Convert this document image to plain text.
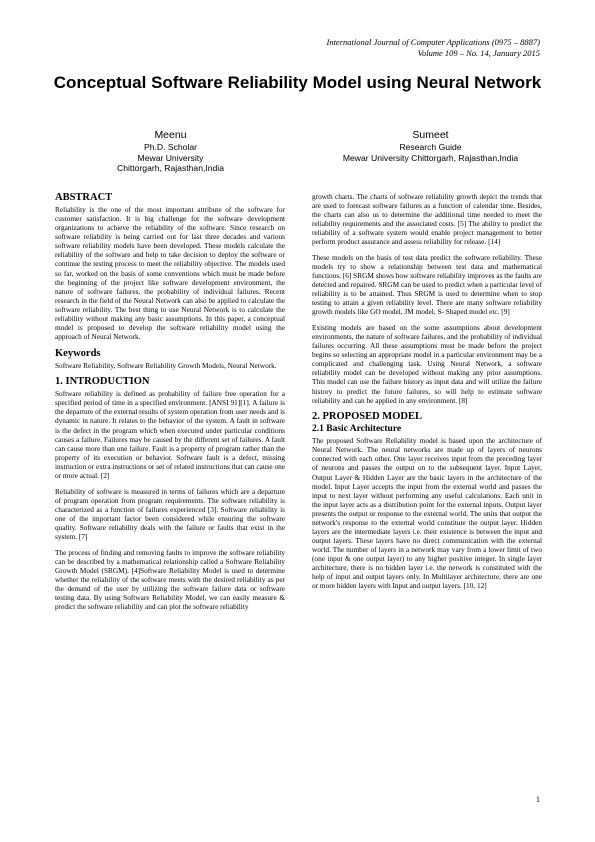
International Journal of Computer Applications (0975 – 8887)
Volume 109 – No. 14, January 2015
Conceptual Software Reliability Model using Neural Network
Meenu
Ph.D. Scholar
Mewar University
Chittorgarh, Rajasthan,India
Sumeet
Research Guide
Mewar University Chittorgarh, Rajasthan,India
ABSTRACT

Reliability is the one of the most important attribute of the software for customer satisfaction. It is big challenge for the software development organizations to achieve the reliability of the software. Since research on software reliability is being carried out for last three decades and various software reliability models have been developed. These models calculate the reliability of the software and help to take decision to deploy the software or continue the testing process to meet the reliability objective. The models used so far, worked on the basis of some conventions which must be made before the beginning of the project like software development environment, the nature of software failures, the probability of individual failures. Recent research in the field of the Neural Network can also be applied to calculate the software reliability. The best thing to use Neural Network is to calculate the reliability without making any basic assumptions. In this paper, a conceptual model is proposed to develop the software reliability model using the approach of Neural Network.

Keywords

Software Reliability, Software Reliability Growth Models, Neural Network.

1. INTRODUCTION

Software reliability is defined as probability of failure free operation for a specified period of time in a specified environment. [ANSI 91][1]. A failure is the departure of the external results of system operation from user needs and is dynamic in nature. It relates to the behavior of the system. A fault in software is the defect in the program which when executed under particular conditions causes a failure. Failures may be caused by the different set of failures. A fault can cause more than one failure. Fault is a property of program rather than the property of its execution or behavior. Software fault is a defect, missing instruction or extra instructions or set of related instructions that can cause one or more actual. [2]

Reliability of software is measured in terms of failures which are a departure of program operation from program requirements. The software reliability is characterized as a function of failures experienced [3]. Software reliability is one of the important factor been considered while ensuring the software quality. Software reliability deals with the failure or faults that exist in the system. [7]

The process of finding and removing faults to improve the software reliability can be described by a mathematical relationship called a Software Reliability Growth Model (SRGM). [4]Software Reliability Model is used to determine whether the reliability of the software meets with the desired reliability as per the demand of the user by utilizing the software failure data or software testing data. By using Software Reliability Model, we can easily measure & predict the software reliability and can plot the software reliability

growth charts. The charts of software reliability growth depict the trends that are used to forecast software failures as a function of calendar time. Besides, the charts can also us to determine the additional time needed to meet the reliability requirements and the associated costs. [5] The ability to predict the reliability of a software system would enable project management to better perform product assurance and assess reliability for release. [14]

These models on the basis of test data predict the software reliability. These models try to show a relationship between test data and mathematical functions. [6] SRGM shows how software reliability improves as the faults are detected and repaired. SRGM can be used to predict when a particular level of reliability is to be attained. Thus SRGM is used to determine when to stop testing to attain a given reliability level. There are many software reliability growth models like GO model, JM model, S- Shaped model etc. [9]

Existing models are based on the some assumptions about development environments, the nature of software failures, and the probability of individual failures occurring. All these assumptions must be made before the project begins so selecting an appropriate model in a particular environment may be a complicated and challenging task. Using Neural Network, a software reliability model can be developed without making any prior assumptions. This model can use the failure history as input data and will utilize the failure history to predict the future failures, so will help to estimate software reliability and can be applied in any environment. [8]

2. PROPOSED MODEL
2.1 Basic Architecture

The proposed Software Reliability model is based upon the architecture of Neural Network. The neural networks are made up of layers of neurons connected with each other. One layer receives input from the preceding layer of neurons and passes the output on to the subsequent layer. Input Layer, Output Layer & Hidden Layer are the basic layers in the architecture of the model. Input Layer accepts the input from the external world and passes the input to next layer without performing any useful calculations. Each unit in the input layer acts as a distribution point for the external inputs. Output layer presents the output or response to the external world. The units that output the network's response to the external world constitute the output layer. Hidden layers are the intermediate layers i.e. their existence is between the input and output layers. These layers have no direct communication with the external world. The number of layers in a network may vary from a lower limit of two (one input & one output layer) to any higher positive integer. In single layer architecture, there is no hidden layer i.e. the network is constituted with the help of input and output layers only. In Multilayer architecture, there are one or more hidden layers with Input and output layers. [10, 12]

1
